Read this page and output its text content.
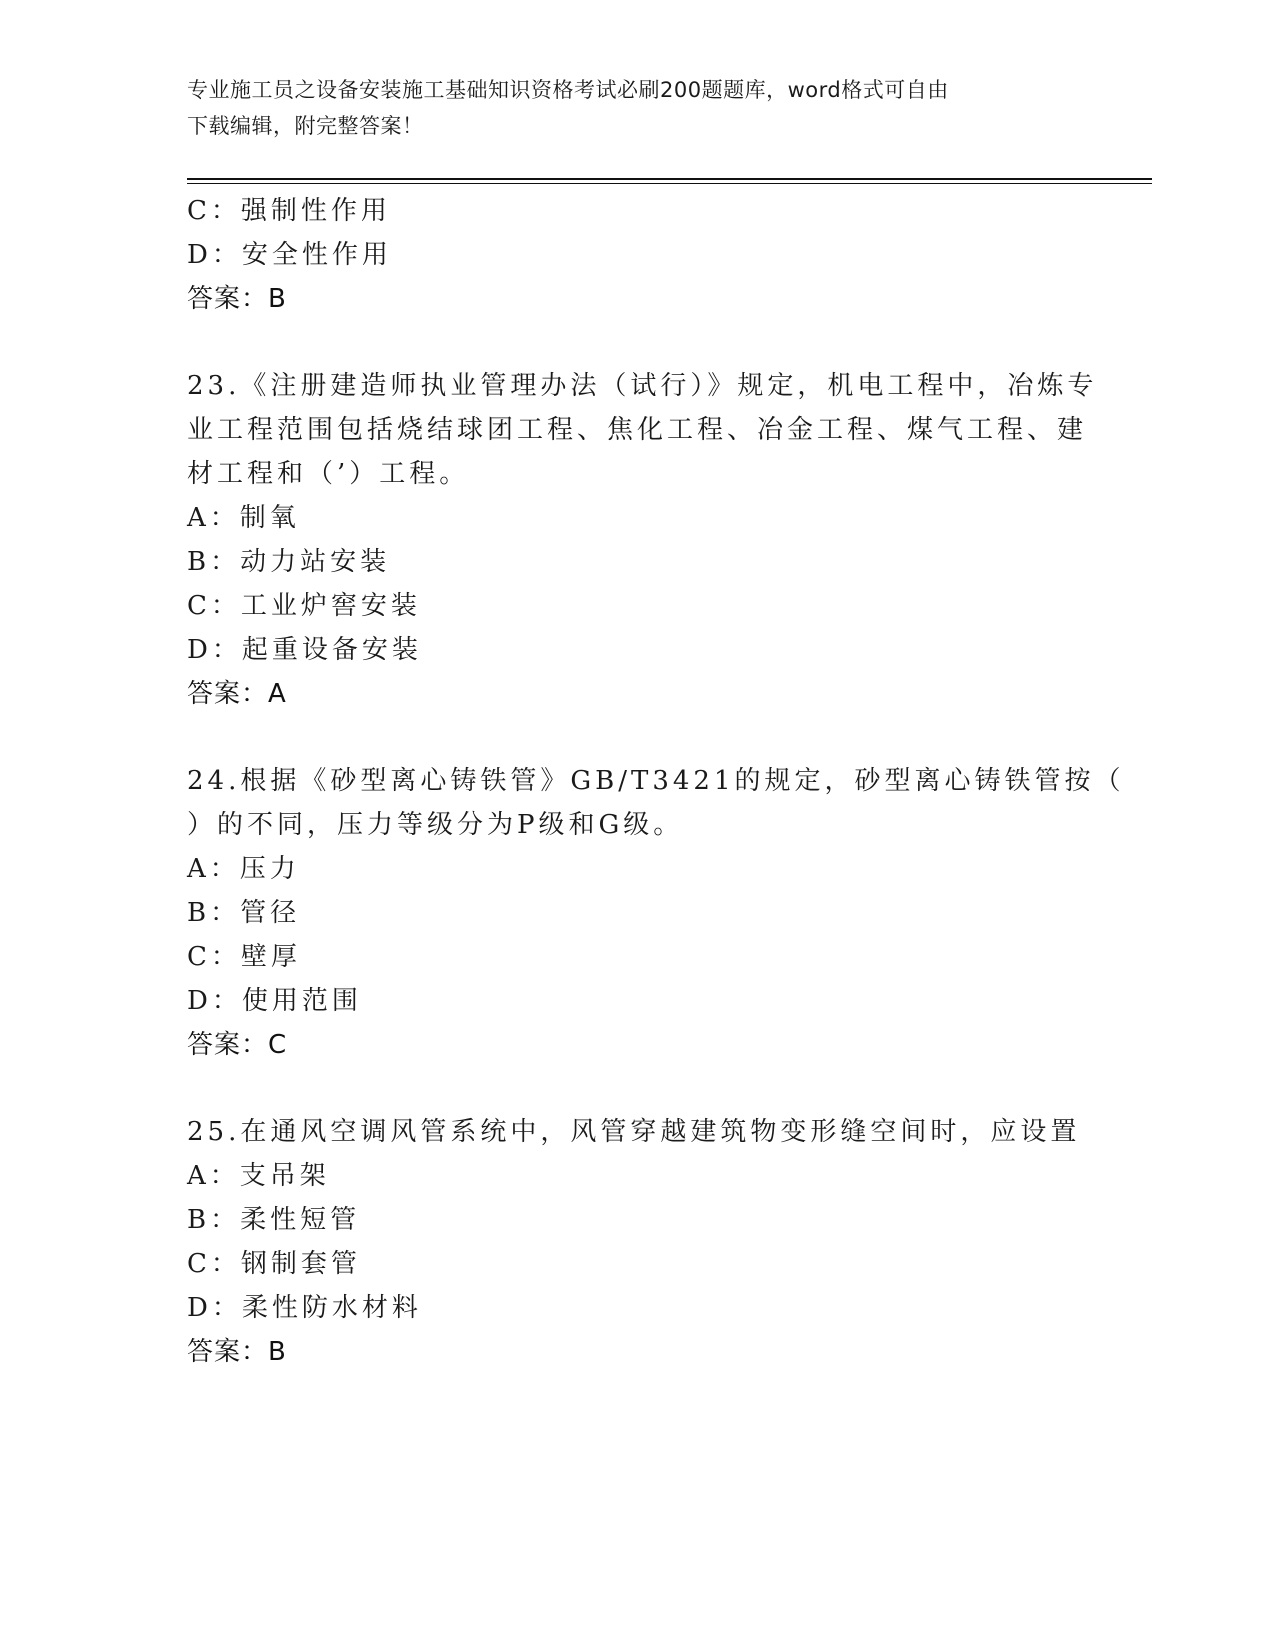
专业施工员之设备安装施工基础知识资格考试必刷200题题库，word格式可自由
下载编辑，附完整答案！
C：强制性作用
D：安全性作用
答案：B
23.《注册建造师执业管理办法（试行）》规定，机电工程中，冶炼专
业工程范围包括烧结球团工程、焦化工程、冶金工程、煤气工程、建
材工程和（’）工程。
A：制氧
B：动力站安装
C：工业炉窖安装
D：起重设备安装
答案：A
24.根据《砂型离心铸铁管》GB/T3421的规定，砂型离心铸铁管按（
）的不同，压力等级分为P级和G级。
A：压力
B：管径
C：壁厚
D：使用范围
答案：C
25.在通风空调风管系统中，风管穿越建筑物变形缝空间时，应设置
A：支吊架
B：柔性短管
C：钢制套管
D：柔性防水材料
答案：B
